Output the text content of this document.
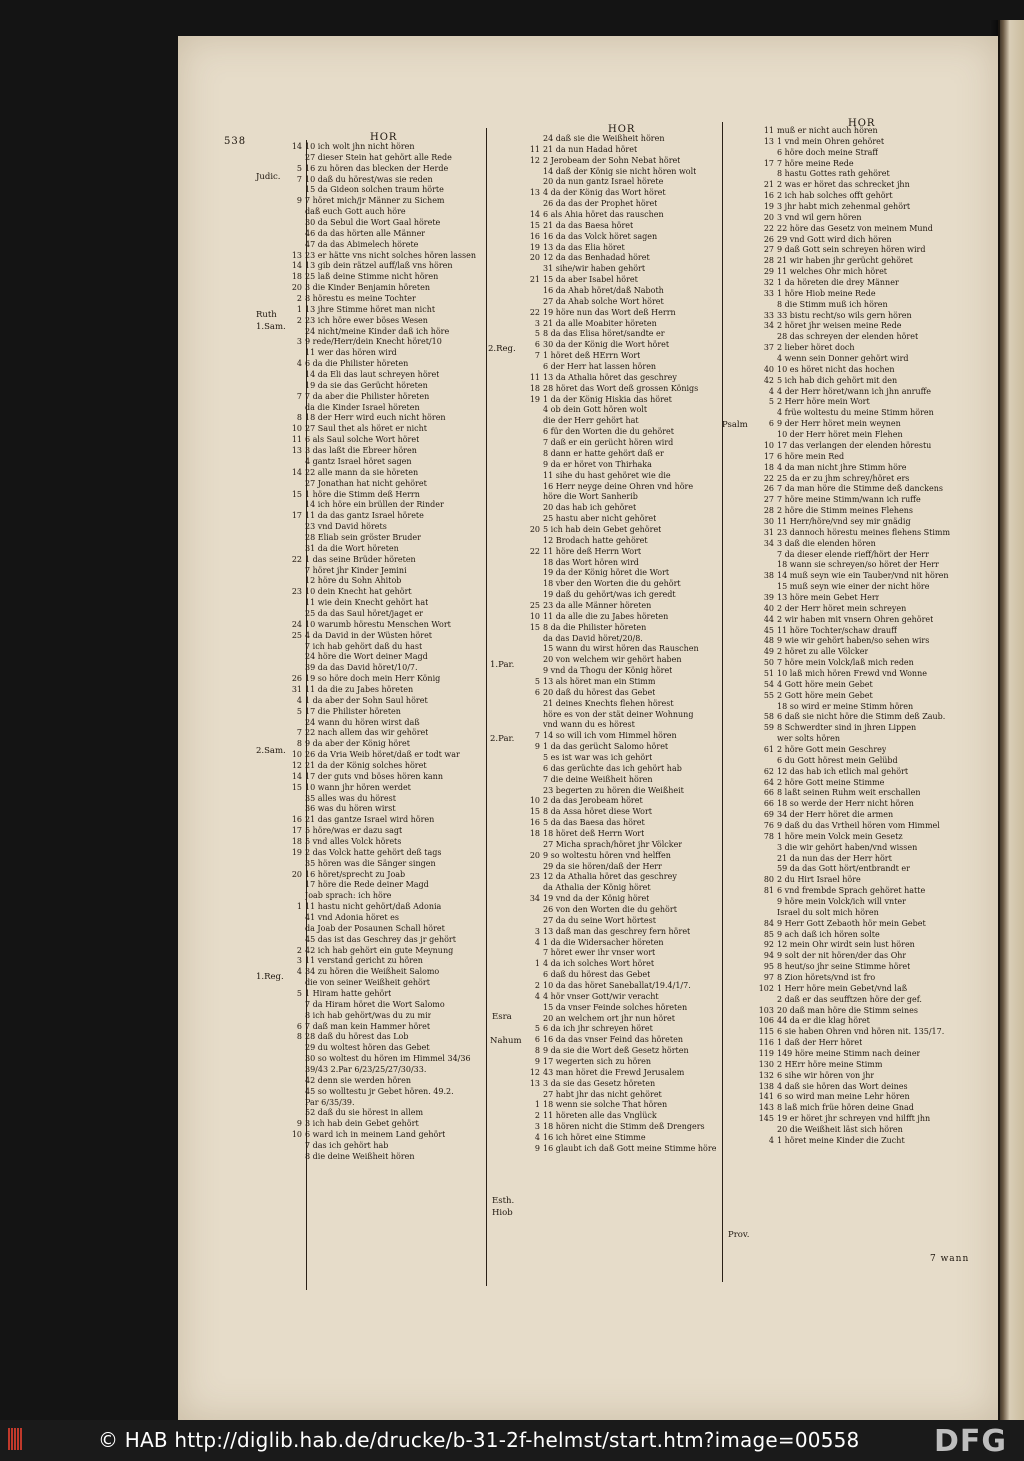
538	HOR
HOR
HOR
Judic.
Ruth
1.Sam.
2.Sam.
1.Reg.
2.Reg.
1.Par.
2.Par.
Esra
Nahum
Esth.
Hiob
Psalm
Prov.
14 10 ich wolt jhn nicht hören
27 dieser Stein hat gehört alle Rede
5 16 zu hören das blecken der Herde
7 10 daß du hörest/was sie reden
15 da Gideon solchen traum hörte
9 7 höret mich/jr Männer zu Sichem
daß euch Gott auch höre
30 da Sebul die Wort Gaal hörete
46 da das hörten alle Männer
47 da das Abimelech hörete
13 23 er hätte vns nicht solches hören lassen
14 13 gib dein rätzel auff/laß vns hören
18 25 laß deine Stimme nicht hören
20 3 die Kinder Benjamin höreten
2 8 hörestu es meine Tochter
1 13 jhre Stimme höret man nicht
2 23 ich höre ewer böses Wesen
24 nicht/meine Kinder daß ich höre
3 9 rede/Herr/dein Knecht höret/10
11 wer das hören wird
4 6 da die Philister höreten
14 da Eli das laut schreyen höret
19 da sie das Gerücht höreten
7 7 da aber die Philister höreten
da die Kinder Israel höreten
8 18 der Herr wird euch nicht hören
10 27 Saul thet als höret er nicht
11 6 als Saul solche Wort höret
13 3 das laßt die Ebreer hören
4 gantz Israel höret sagen
14 22 alle mann da sie höreten
27 Jonathan hat nicht gehöret
15 1 höre die Stimm deß Herrn
14 ich höre ein brüllen der Rinder
17 11 da das gantz Israel hörete
23 vnd David hörets
28 Eliab sein gröster Bruder
31 da die Wort höreten
22 1 das seine Brüder höreten
7 höret jhr Kinder Jemini
12 höre du Sohn Ahitob
23 10 dein Knecht hat gehört
11 wie dein Knecht gehört hat
25 da das Saul höret/jaget er
24 10 warumb hörestu Menschen Wort
25 4 da David in der Wüsten höret
7 ich hab gehört daß du hast
24 höre die Wort deiner Magd
39 da das David höret/10/7.
26 19 so höre doch mein Herr König
31 11 da die zu Jabes höreten
4 1 da aber der Sohn Saul höret
5 17 die Philister höreten
24 wann du hören wirst daß
7 22 nach allem das wir gehöret
8 9 da aber der König höret
10 26 da Vria Weib höret/daß er todt war
12 21 da der König solches höret
14 17 der guts vnd böses hören kann
15 10 wann jhr hören werdet
35 alles was du hörest
36 was du hören wirst
16 21 das gantze Israel wird hören
17 5 höre/was er dazu sagt
18 5 vnd alles Volck hörets
19 2 das Volck hatte gehört deß tags
35 hören was die Sänger singen
20 16 höret/sprecht zu Joab
17 höre die Rede deiner Magd
Joab sprach: ich höre
1 11 hastu nicht gehört/daß Adonia
41 vnd Adonia höret es
da Joab der Posaunen Schall höret
45 das ist das Geschrey das jr gehört
2 42 ich hab gehört ein gute Meynung
3 11 verstand gericht zu hören
4 34 zu hören die Weißheit Salomo
die von seiner Weißheit gehört
5 1 Hiram hatte gehört
7 da Hiram höret die Wort Salomo
8 ich hab gehört/was du zu mir
6 7 daß man kein Hammer höret
8 28 daß du hörest das Lob
29 du woltest hören das Gebet
30 so woltest du hören im Himmel 34/36
39/43 2.Par 6/23/25/27/30/33.
42 denn sie werden hören
45 so wolltestu jr Gebet hören. 49.2.
Par 6/35/39.
52 daß du sie hörest in allem
9 3 ich hab dein Gebet gehört
10 6 ward ich in meinem Land gehört
7 das ich gehört hab
8 die deine Weißheit hören
24 daß sie die Weißheit hören
11 21 da nun Hadad höret
12 2 Jerobeam der Sohn Nebat höret
14 daß der König sie nicht hören wolt
20 da nun gantz Israel hörete
13 4 da der König das Wort höret
26 da das der Prophet höret
14 6 als Ahia höret das rauschen
15 21 da das Baesa höret
16 16 da das Volck höret sagen
19 13 da das Elia höret
20 12 da das Benhadad höret
31 sihe/wir haben gehört
21 15 da aber Isabel höret
16 da Ahab höret/daß Naboth
27 da Ahab solche Wort höret
22 19 höre nun das Wort deß Herrn
3 21 da alle Moabiter höreten
5 8 da das Elisa höret/sandte er
6 30 da der König die Wort höret
7 1 höret deß HErrn Wort
6 der Herr hat lassen hören
11 13 da Athalia höret das geschrey
18 28 höret das Wort deß grossen Königs
19 1 da der König Hiskia das höret
4 ob dein Gott hören wolt
die der Herr gehört hat
6 für den Worten die du gehöret
7 daß er ein gerücht hören wird
8 dann er hatte gehört daß er
9 da er höret von Thirhaka
11 sihe du hast gehöret wie die
16 Herr neyge deine Ohren vnd höre
höre die Wort Sanherib
20 das hab ich gehöret
25 hastu aber nicht gehöret
20 5 ich hab dein Gebet gehöret
12 Brodach hatte gehöret
22 11 höre deß Herrn Wort
18 das Wort hören wird
19 da der König höret die Wort
18 vber den Worten die du gehört
19 daß du gehört/was ich geredt
25 23 da alle Männer höreten
10 11 da alle die zu Jabes höreten
15 8 da die Philister höreten
da das David höret/20/8.
15 wann du wirst hören das Rauschen
20 von welchem wir gehört haben
9 vnd da Thogu der König höret
5 13 als höret man ein Stimm
6 20 daß du hörest das Gebet
21 deines Knechts flehen hörest
höre es von der stät deiner Wohnung
vnd wann du es hörest
7 14 so will ich vom Himmel hören
9 1 da das gerücht Salomo höret
5 es ist war was ich gehört
6 das gerüchte das ich gehört hab
7 die deine Weißheit hören
23 begerten zu hören die Weißheit
10 2 da das Jerobeam höret
15 8 da Assa höret diese Wort
16 5 da das Baesa das höret
18 18 höret deß Herrn Wort
27 Micha sprach/höret jhr Völcker
20 9 so woltestu hören vnd helffen
29 da sie hören/daß der Herr
23 12 da Athalia höret das geschrey
da Athalia der König höret
34 19 vnd da der König höret
26 von den Worten die du gehört
27 da du seine Wort hörtest
3 13 daß man das geschrey fern höret
4 1 da die Widersacher höreten
7 höret ewer ihr vnser wort
1 4 da ich solches Wort höret
6 daß du hörest das Gebet
2 10 da das höret Saneballat/19.4/1/7.
4 4 hör vnser Gott/wir veracht
15 da vnser Feinde solches höreten
20 an welchem ort jhr nun höret
5 6 da ich jhr schreyen höret
6 16 da das vnser Feind das höreten
8 9 da sie die Wort deß Gesetz hörten
9 17 wegerten sich zu hören
12 43 man höret die Frewd Jerusalem
13 3 da sie das Gesetz höreten
27 habt jhr das nicht gehöret
1 18 wenn sie solche That hören
2 11 höreten alle das Vnglück
3 18 hören nicht die Stimm deß Drengers
4 16 ich höret eine Stimme
9 16 glaubt ich daß Gott meine Stimme höre
11 muß er nicht auch hören
13 1 vnd mein Ohren gehöret
6 höre doch meine Straff
17 7 höre meine Rede
8 hastu Gottes rath gehöret
21 2 was er höret das schrecket jhn
16 2 ich hab solches offt gehört
19 3 jhr habt mich zehenmal gehört
20 3 vnd wil gern hören
22 22 höre das Gesetz von meinem Mund
26 29 vnd Gott wird dich hören
27 9 daß Gott sein schreyen hören wird
28 21 wir haben jhr gerücht gehöret
29 11 welches Ohr mich höret
32 1 da höreten die drey Männer
33 1 höre Hiob meine Rede
8 die Stimm muß ich hören
33 33 bistu recht/so wils gern hören
34 2 höret jhr weisen meine Rede
28 das schreyen der elenden höret
37 2 lieber höret doch
4 wenn sein Donner gehört wird
40 10 es höret nicht das hochen
42 5 ich hab dich gehört mit den
4 4 der Herr höret/wann ich jhn anruffe
5 2 Herr höre mein Wort
4 früe woltestu du meine Stimm hören
6 9 der Herr höret mein weynen
10 der Herr höret mein Flehen
10 17 das verlangen der elenden hörestu
17 6 höre mein Red
18 4 da man nicht jhre Stimm höre
22 25 da er zu jhm schrey/höret ers
26 7 da man höre die Stimme deß danckens
27 7 höre meine Stimm/wann ich ruffe
28 2 höre die Stimm meines Flehens
30 11 Herr/höre/vnd sey mir gnädig
31 23 dannoch hörestu meines flehens Stimm
34 3 daß die elenden hören
7 da dieser elende rieff/hört der Herr
18 wann sie schreyen/so höret der Herr
38 14 muß seyn wie ein Tauber/vnd nit hören
15 muß seyn wie einer der nicht höre
39 13 höre mein Gebet Herr
40 2 der Herr höret mein schreyen
44 2 wir haben mit vnsern Ohren gehöret
45 11 höre Tochter/schaw drauff
48 9 wie wir gehört haben/so sehen wirs
49 2 höret zu alle Völcker
50 7 höre mein Volck/laß mich reden
51 10 laß mich hören Frewd vnd Wonne
54 4 Gott höre mein Gebet
55 2 Gott höre mein Gebet
18 so wird er meine Stimm hören
58 6 daß sie nicht höre die Stimm deß Zaub.
59 8 Schwerdter sind in jhren Lippen
wer solts hören
61 2 höre Gott mein Geschrey
6 du Gott hörest mein Gelübd
62 12 das hab ich etlich mal gehört
64 2 höre Gott meine Stimme
66 8 laßt seinen Ruhm weit erschallen
66 18 so werde der Herr nicht hören
69 34 der Herr höret die armen
76 9 daß du das Vrtheil hören vom Himmel
78 1 höre mein Volck mein Gesetz
3 die wir gehört haben/vnd wissen
21 da nun das der Herr hört
59 da das Gott hört/entbrandt er
80 2 du Hirt Israel höre
81 6 vnd frembde Sprach gehöret hatte
9 höre mein Volck/ich will vnter
Israel du solt mich hören
84 9 Herr Gott Zebaoth hör mein Gebet
85 9 ach daß ich hören solte
92 12 mein Ohr wirdt sein lust hören
94 9 solt der nit hören/der das Ohr
95 8 heut/so jhr seine Stimme höret
97 8 Zion hörets/vnd ist fro
102 1 Herr höre mein Gebet/vnd laß
2 daß er das seufftzen höre der gef.
103 20 daß man höre die Stimm seines
106 44 da er die klag höret
115 6 sie haben Ohren vnd hören nit. 135/17.
116 1 daß der Herr höret
119 149 höre meine Stimm nach deiner
130 2 HErr höre meine Stimm
132 6 sihe wir hören von jhr
138 4 daß sie hören das Wort deines
141 6 so wird man meine Lehr hören
143 8 laß mich früe hören deine Gnad
145 19 er höret jhr schreyen vnd hilfft jhn
20 die Weißheit läst sich hören
4 1 höret meine Kinder die Zucht
7 wann
© HAB http://diglib.hab.de/drucke/b-31-2f-helmst/start.htm?image=00558 DFG
